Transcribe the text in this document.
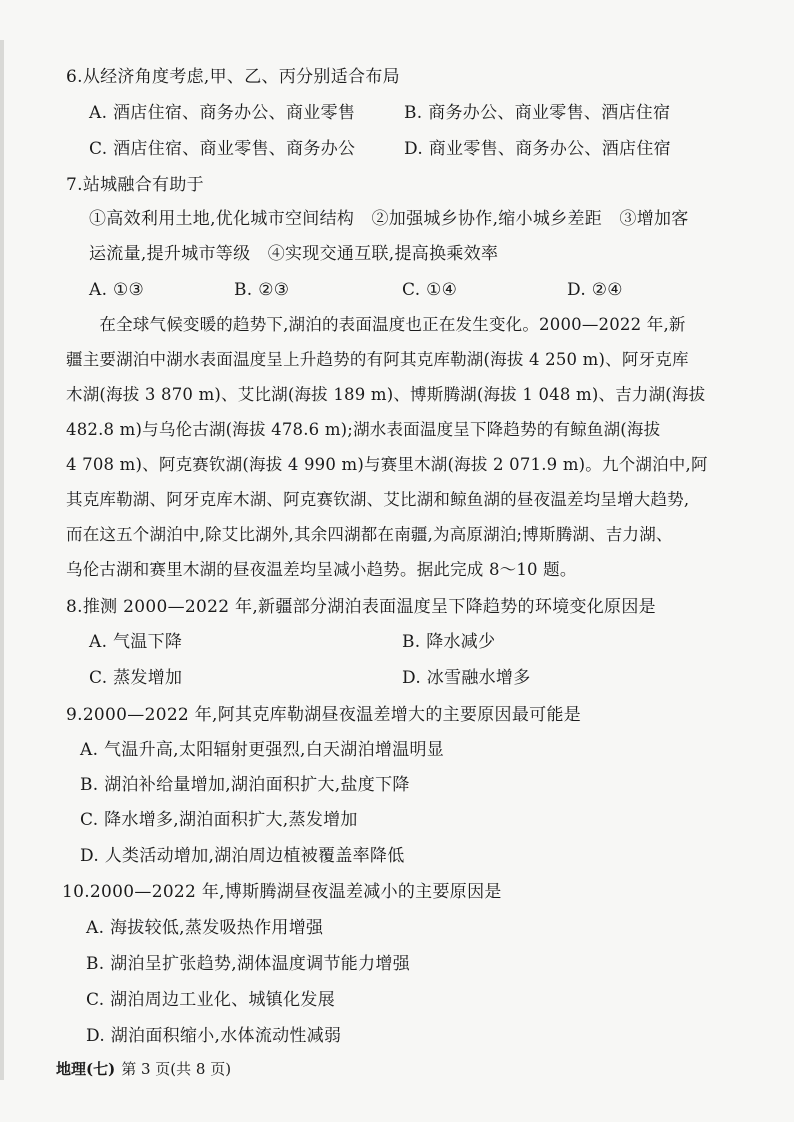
6.从经济角度考虑,甲、乙、丙分别适合布局
A. 酒店住宿、商务办公、商业零售	B. 商务办公、商业零售、酒店住宿
C. 酒店住宿、商业零售、商务办公	D. 商业零售、商务办公、酒店住宿
7.站城融合有助于
①高效利用土地,优化城市空间结构　②加强城乡协作,缩小城乡差距　③增加客
运流量,提升城市等级　④实现交通互联,提高换乘效率
A. ①③	B. ②③	C. ①④	D. ②④
　　在全球气候变暖的趋势下,湖泊的表面温度也正在发生变化。2000—2022 年,新
疆主要湖泊中湖水表面温度呈上升趋势的有阿其克库勒湖(海拔 4 250 m)、阿牙克库
木湖(海拔 3 870 m)、艾比湖(海拔 189 m)、博斯腾湖(海拔 1 048 m)、吉力湖(海拔
482.8 m)与乌伦古湖(海拔 478.6 m);湖水表面温度呈下降趋势的有鲸鱼湖(海拔
4 708 m)、阿克赛钦湖(海拔 4 990 m)与赛里木湖(海拔 2 071.9 m)。九个湖泊中,阿
其克库勒湖、阿牙克库木湖、阿克赛钦湖、艾比湖和鲸鱼湖的昼夜温差均呈增大趋势,
而在这五个湖泊中,除艾比湖外,其余四湖都在南疆,为高原湖泊;博斯腾湖、吉力湖、
乌伦古湖和赛里木湖的昼夜温差均呈减小趋势。据此完成 8～10 题。
8.推测 2000—2022 年,新疆部分湖泊表面温度呈下降趋势的环境变化原因是
A. 气温下降	B. 降水减少
C. 蒸发增加	D. 冰雪融水增多
9.2000—2022 年,阿其克库勒湖昼夜温差增大的主要原因最可能是
A. 气温升高,太阳辐射更强烈,白天湖泊增温明显
B. 湖泊补给量增加,湖泊面积扩大,盐度下降
C. 降水增多,湖泊面积扩大,蒸发增加
D. 人类活动增加,湖泊周边植被覆盖率降低
10.2000—2022 年,博斯腾湖昼夜温差减小的主要原因是
A. 海拔较低,蒸发吸热作用增强
B. 湖泊呈扩张趋势,湖体温度调节能力增强
C. 湖泊周边工业化、城镇化发展
D. 湖泊面积缩小,水体流动性减弱
地理(七) 第 3 页(共 8 页)
